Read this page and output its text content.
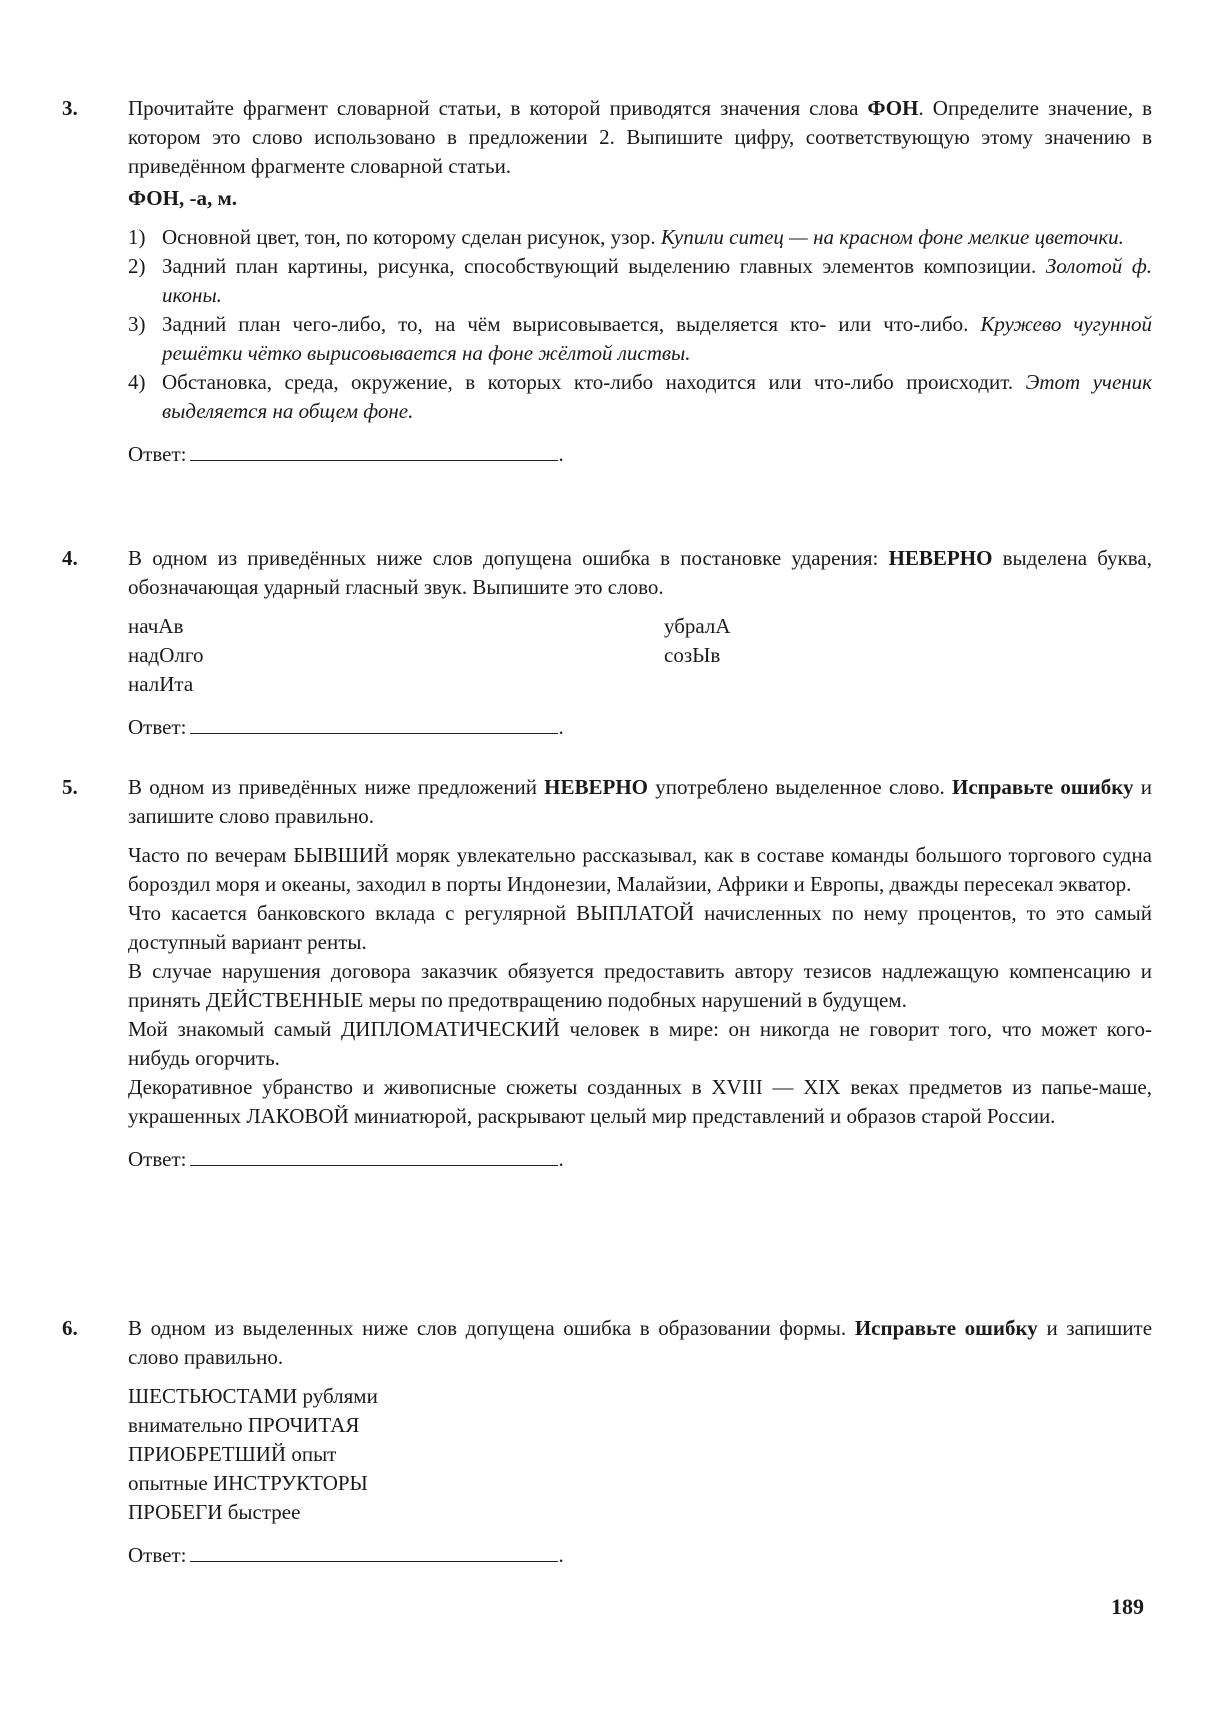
3.	Прочитайте фрагмент словарной статьи, в которой приводятся значения слова ФОН. Определите значение, в котором это слово использовано в предложении 2. Выпишите цифру, соответствующую этому значению в приведённом фрагменте словарной статьи.

ФОН, -а, м.

1) Основной цвет, тон, по которому сделан рисунок, узор. Купили ситец — на красном фоне мелкие цветочки.
2) Задний план картины, рисунка, способствующий выделению главных элементов композиции. Золотой ф. иконы.
3) Задний план чего-либо, то, на чём вырисовывается, выделяется кто- или что-либо. Кружево чугунной решётки чётко вырисовывается на фоне жёлтой листвы.
4) Обстановка, среда, окружение, в которых кто-либо находится или что-либо происходит. Этот ученик выделяется на общем фоне.
Ответ:	.
4.	В одном из приведённых ниже слов допущена ошибка в постановке ударения: НЕВЕРНО выделена буква, обозначающая ударный гласный звук. Выпишите это слово.

начАв
надОлго
налИта
убралА
созЫв
Ответ:	.
5.	В одном из приведённых ниже предложений НЕВЕРНО употреблено выделенное слово. Исправьте ошибку и запишите слово правильно.

Часто по вечерам БЫВШИЙ моряк увлекательно рассказывал, как в составе команды большого торгового судна бороздил моря и океаны, заходил в порты Индонезии, Малайзии, Африки и Европы, дважды пересекал экватор.

Что касается банковского вклада с регулярной ВЫПЛАТОЙ начисленных по нему процентов, то это самый доступный вариант ренты.

В случае нарушения договора заказчик обязуется предоставить автору тезисов надлежащую компенсацию и принять ДЕЙСТВЕННЫЕ меры по предотвращению подобных нарушений в будущем.

Мой знакомый самый ДИПЛОМАТИЧЕСКИЙ человек в мире: он никогда не говорит того, что может кого-нибудь огорчить.

Декоративное убранство и живописные сюжеты созданных в XVIII — XIX веках предметов из папье-маше, украшенных ЛАКОВОЙ миниатюрой, раскрывают целый мир представлений и образов старой России.

Ответ:	.
6.	В одном из выделенных ниже слов допущена ошибка в образовании формы. Исправьте ошибку и запишите слово правильно.

ШЕСТЬЮСТАМИ рублями
внимательно ПРОЧИТАЯ
ПРИОБРЕТШИЙ опыт
опытные ИНСТРУКТОРЫ
ПРОБЕГИ быстрее
Ответ:	.
189
